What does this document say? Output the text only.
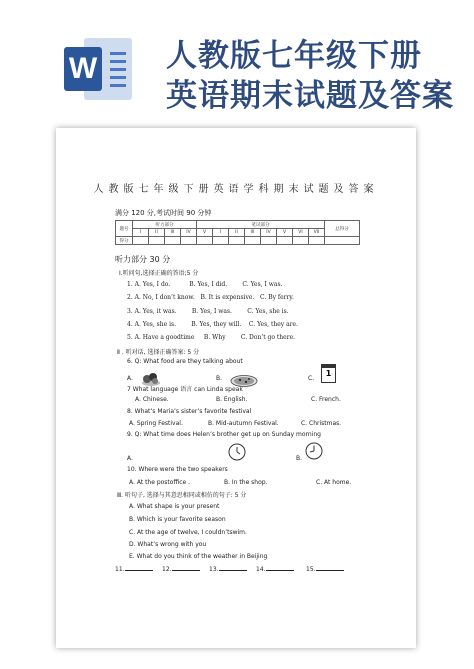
W 人教版七年级下册
英语期末试题及答案
人教版七年级下册英语学科期末试题及答案
满分 120 分,考试时间 90 分钟
题号	听力部分				笔试部分								总得分
	I	II	III	IV	V	I	II	III	IV	V	VI	VII	
得分													
听力部分 30 分
Ⅰ.听问句,选择正确的答语;5 分
1. A. Yes, I do.          B. Yes, I did.        C. Yes, I was.
2. A. No, I don’t know.   B. It is expensive.   C. By ferry.
3. A. Yes, it was.        B. Yes, I was.        C. Yes, she is.
4. A. Yes, she is.        B. Yes, they will.    C. Yes, they are.
5. A. Have a goodtime     B. Why        C. Don’t go there.
Ⅱ . 听对话, 选择正确答案: 5 分
6. Q: What food are they talking about
A.	B.	C.
1
7 What language 语言 can Linda speak
A. Chinese.	B. English.	C. French.
8. What’s Maria’s sister’s favorite festival
A. Spring Festival.	B. Mid-autumn Festival.	C. Christmas.
9. Q: What time does Helen’s brother get up on Sunday morning
A.	B.
10. Where were the two speakers
A. At the postoffice .	B. In the shop.	C. At home.
Ⅲ. 听句子, 选择与其意思相同或相仿的句子: 5 分
A. What shape is your present
B. Which is your favorite season
C. At the age of twelve, I couldn’tswim.
D. What’s wrong with you
E. What do you think of the weather in Beijing
11.	12.	13.	14.	15.
